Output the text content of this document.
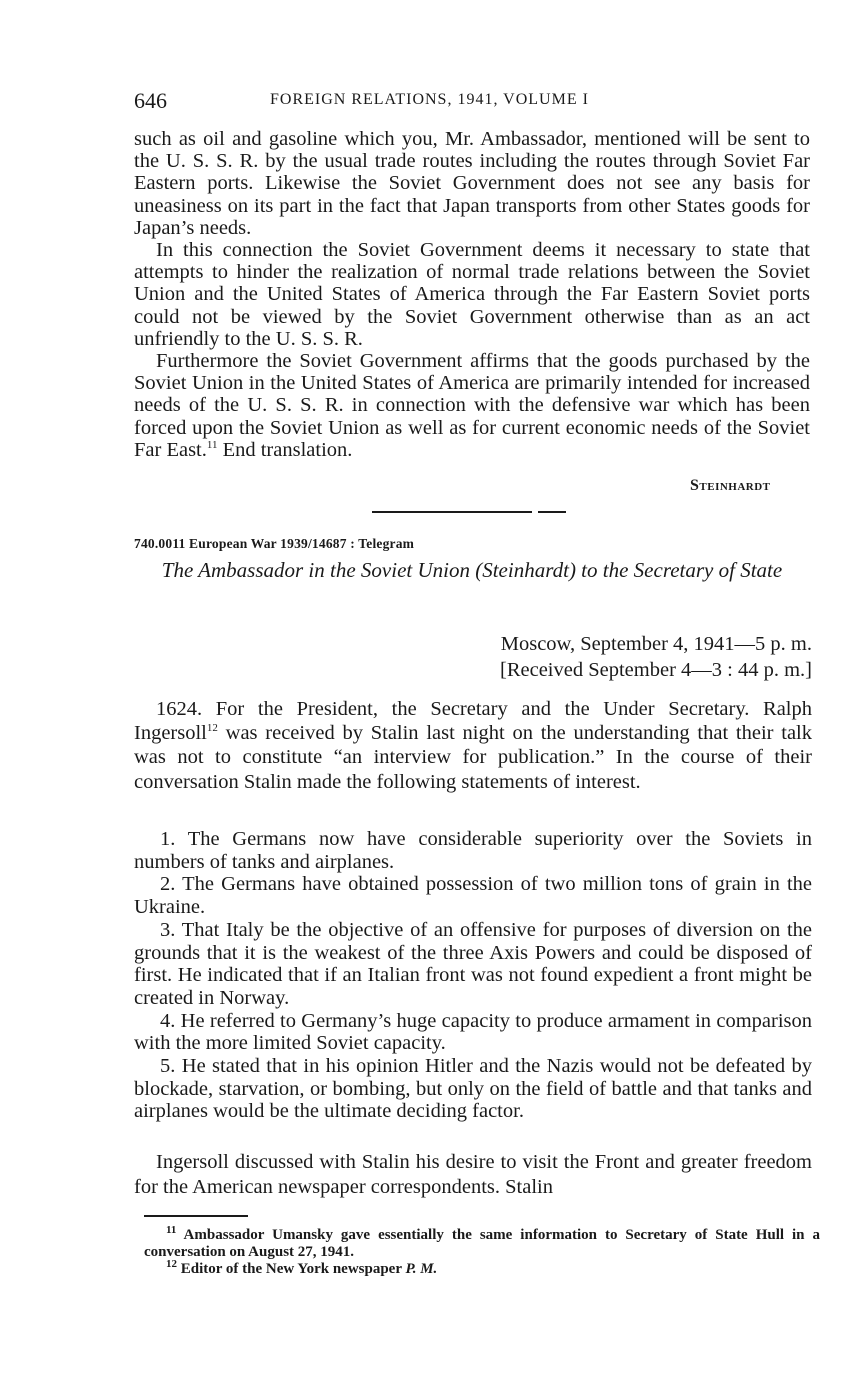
646	FOREIGN RELATIONS, 1941, VOLUME I

such as oil and gasoline which you, Mr. Ambassador, mentioned will be sent to the U. S. S. R. by the usual trade routes including the routes through Soviet Far Eastern ports. Likewise the Soviet Government does not see any basis for uneasiness on its part in the fact that Japan transports from other States goods for Japan’s needs.

In this connection the Soviet Government deems it necessary to state that attempts to hinder the realization of normal trade relations between the Soviet Union and the United States of America through the Far Eastern Soviet ports could not be viewed by the Soviet Government otherwise than as an act unfriendly to the U. S. S. R.

Furthermore the Soviet Government affirms that the goods purchased by the Soviet Union in the United States of America are primarily intended for increased needs of the U. S. S. R. in connection with the defensive war which has been forced upon the Soviet Union as well as for current economic needs of the Soviet Far East.$^{11}$ End translation.

Steinhardt
740.0011 European War 1939/14687 : Telegram
The Ambassador in the Soviet Union (Steinhardt) to the Secretary of State
Moscow, September 4, 1941—5 p. m.
[Received September 4—3 : 44 p. m.]

1624. For the President, the Secretary and the Under Secretary. Ralph Ingersoll$^{12}$ was received by Stalin last night on the understanding that their talk was not to constitute “an interview for publication.” In the course of their conversation Stalin made the following statements of interest.

1. The Germans now have considerable superiority over the Soviets in numbers of tanks and airplanes.

2. The Germans have obtained possession of two million tons of grain in the Ukraine.

3. That Italy be the objective of an offensive for purposes of diversion on the grounds that it is the weakest of the three Axis Powers and could be disposed of first. He indicated that if an Italian front was not found expedient a front might be created in Norway.

4. He referred to Germany’s huge capacity to produce armament in comparison with the more limited Soviet capacity.

5. He stated that in his opinion Hitler and the Nazis would not be defeated by blockade, starvation, or bombing, but only on the field of battle and that tanks and airplanes would be the ultimate deciding factor.

Ingersoll discussed with Stalin his desire to visit the Front and greater freedom for the American newspaper correspondents. Stalin

$^{11}$ Ambassador Umansky gave essentially the same information to Secretary of State Hull in a conversation on August 27, 1941.

$^{12}$ Editor of the New York newspaper P. M.
